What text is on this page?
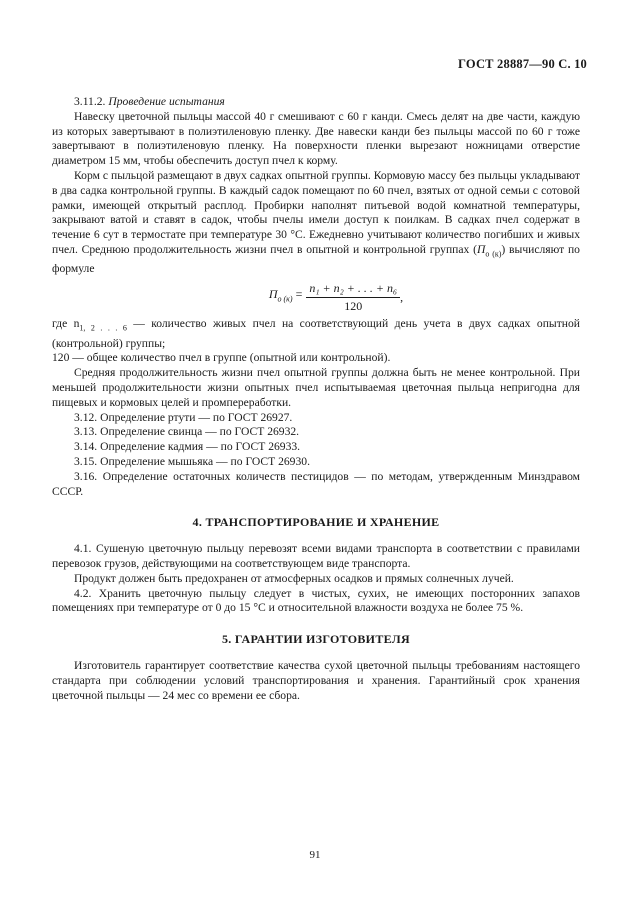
ГОСТ 28887—90 С. 10

3.11.2. Проведение испытания

Навеску цветочной пыльцы массой 40 г смешивают с 60 г канди. Смесь делят на две части, каждую из которых завертывают в полиэтиленовую пленку. Две навески канди без пыльцы массой по 60 г тоже завертывают в полиэтиленовую пленку. На поверхности пленки вырезают ножницами отверстие диаметром 15 мм, чтобы обеспечить доступ пчел к корму.

Корм с пыльцой размещают в двух садках опытной группы. Кормовую массу без пыльцы укладывают в два садка контрольной группы. В каждый садок помещают по 60 пчел, взятых от одной семьи с сотовой рамки, имеющей открытый расплод. Пробирки наполнят питьевой водой комнатной температуры, закрывают ватой и ставят в садок, чтобы пчелы имели доступ к поилкам. В садках пчел содержат в течение 6 сут в термостате при температуре 30 °С. Ежедневно учитывают количество погибших и живых пчел. Среднюю продолжительность жизни пчел в опытной и контрольной группах $(П_{о (к)})$ вычисляют по формуле

$П_{о (к)} = \frac{\text{n₁ + n₂ + . . . + n₆}}{120}$ ,

где $n_{1, 2 . . . 6}$ — количество живых пчел на соответствующий день учета в двух садках опытной (контрольной) группы;

120 — общее количество пчел в группе (опытной или контрольной).

Средняя продолжительность жизни пчел опытной группы должна быть не менее контрольной. При меньшей продолжительности жизни опытных пчел испытываемая цветочная пыльца непригодна для пищевых и кормовых целей и промпереработки.

3.12. Определение ртути — по ГОСТ 26927.

3.13. Определение свинца — по ГОСТ 26932.

3.14. Определение кадмия — по ГОСТ 26933.

3.15. Определение мышьяка — по ГОСТ 26930.

3.16. Определение остаточных количеств пестицидов — по методам, утвержденным Минздравом СССР.

4. ТРАНСПОРТИРОВАНИЕ И ХРАНЕНИЕ

4.1. Сушеную цветочную пыльцу перевозят всеми видами транспорта в соответствии с правилами перевозок грузов, действующими на соответствующем виде транспорта.

Продукт должен быть предохранен от атмосферных осадков и прямых солнечных лучей.

4.2. Хранить цветочную пыльцу следует в чистых, сухих, не имеющих посторонних запахов помещениях при температуре от 0 до 15 °С и относительной влажности воздуха не более 75 %.

5. ГАРАНТИИ ИЗГОТОВИТЕЛЯ

Изготовитель гарантирует соответствие качества сухой цветочной пыльцы требованиям настоящего стандарта при соблюдении условий транспортирования и хранения. Гарантийный срок хранения цветочной пыльцы — 24 мес со времени ее сбора.

91
